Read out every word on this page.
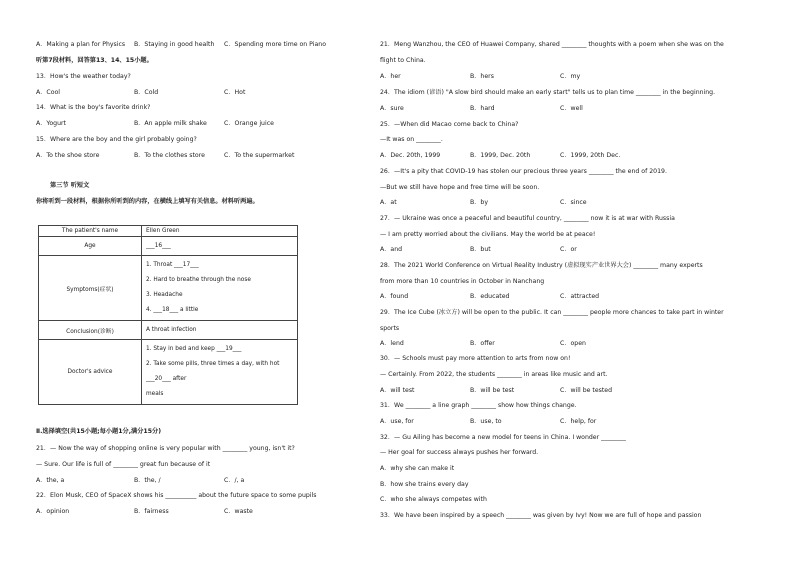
A．Making a plan for Physics	B．Staying in good health	C．Spending more time on Piano
听第7段材料，回答第13、14、15小题。
13．How's the weather today?
A．Cool	B．Cold	C．Hot
14．What is the boy's favorite drink?
A．Yogurt	B．An apple milk shake	C．Orange juice
15．Where are the boy and the girl probably going?
A．To the shoe store	B．To the clothes store	C．To the supermarket
第三节 听短文
你将听到一段材料，根据你所听到的内容，在横线上填写有关信息。材料听两遍。
Ⅱ.选择填空(共15小题;每小题1分,满分15分)
21．— Now the way of shopping online is very popular with ________ young, isn't it?
— Sure. Our life is full of ________ great fun because of it
A．the, a	B．the, /	C．/, a
22．Elon Musk, CEO of SpaceX shows his __________ about the future space to some pupils
A．opinion	B．fairness	C．waste
The patient's name	Ellen Green
Age	___16___
Symptoms(症状)	1. Throat ___17___
2. Hard to breathe through the nose
3. Headache
4. ___18___ a little

Conclusion(诊断)	A throat infection
Doctor's advice	1. Stay in bed and keep ___19___
2. Take some pills, three times a day, with hot ___20___ after
meals
21．Meng Wanzhou, the CEO of Huawei Company, shared ________ thoughts with a poem when she was on the
flight to China.
A．her	B．hers	C．my
24．The idiom (谚语) "A slow bird should make an early start" tells us to plan time ________ in the beginning.
A．sure	B．hard	C．well
25．—When did Macao come back to China?
—It was on ________.
A．Dec. 20th, 1999	B．1999, Dec. 20th	C．1999, 20th Dec.
26．—It's a pity that COVID-19 has stolen our precious three years ________ the end of 2019.
—But we still have hope and free time will be soon.
A．at	B．by	C．since
27．— Ukraine was once a peaceful and beautiful country, ________ now it is at war with Russia
— I am pretty worried about the civilians. May the world be at peace!
A．and	B．but	C．or
28．The 2021 World Conference on Virtual Reality Industry (虚拟现实产业世界大会) ________ many experts
from more than 10 countries in October in Nanchang
A．found	B．educated	C．attracted
29．The Ice Cube (冰立方) will be open to the public. It can ________ people more chances to take part in winter
sports
A．lend	B．offer	C．open
30．— Schools must pay more attention to arts from now on!
— Certainly. From 2022, the students ________ in areas like music and art.
A．will test	B．will be test	C．will be tested
31．We ________ a line graph ________ show how things change.
A．use, for	B．use, to	C．help, for
32．— Gu Ailing has become a new model for teens in China. I wonder ________
— Her goal for success always pushes her forward.
A．why she can make it
B．how she trains every day
C．who she always competes with
33．We have been inspired by a speech ________ was given by Ivy! Now we are full of hope and passion
